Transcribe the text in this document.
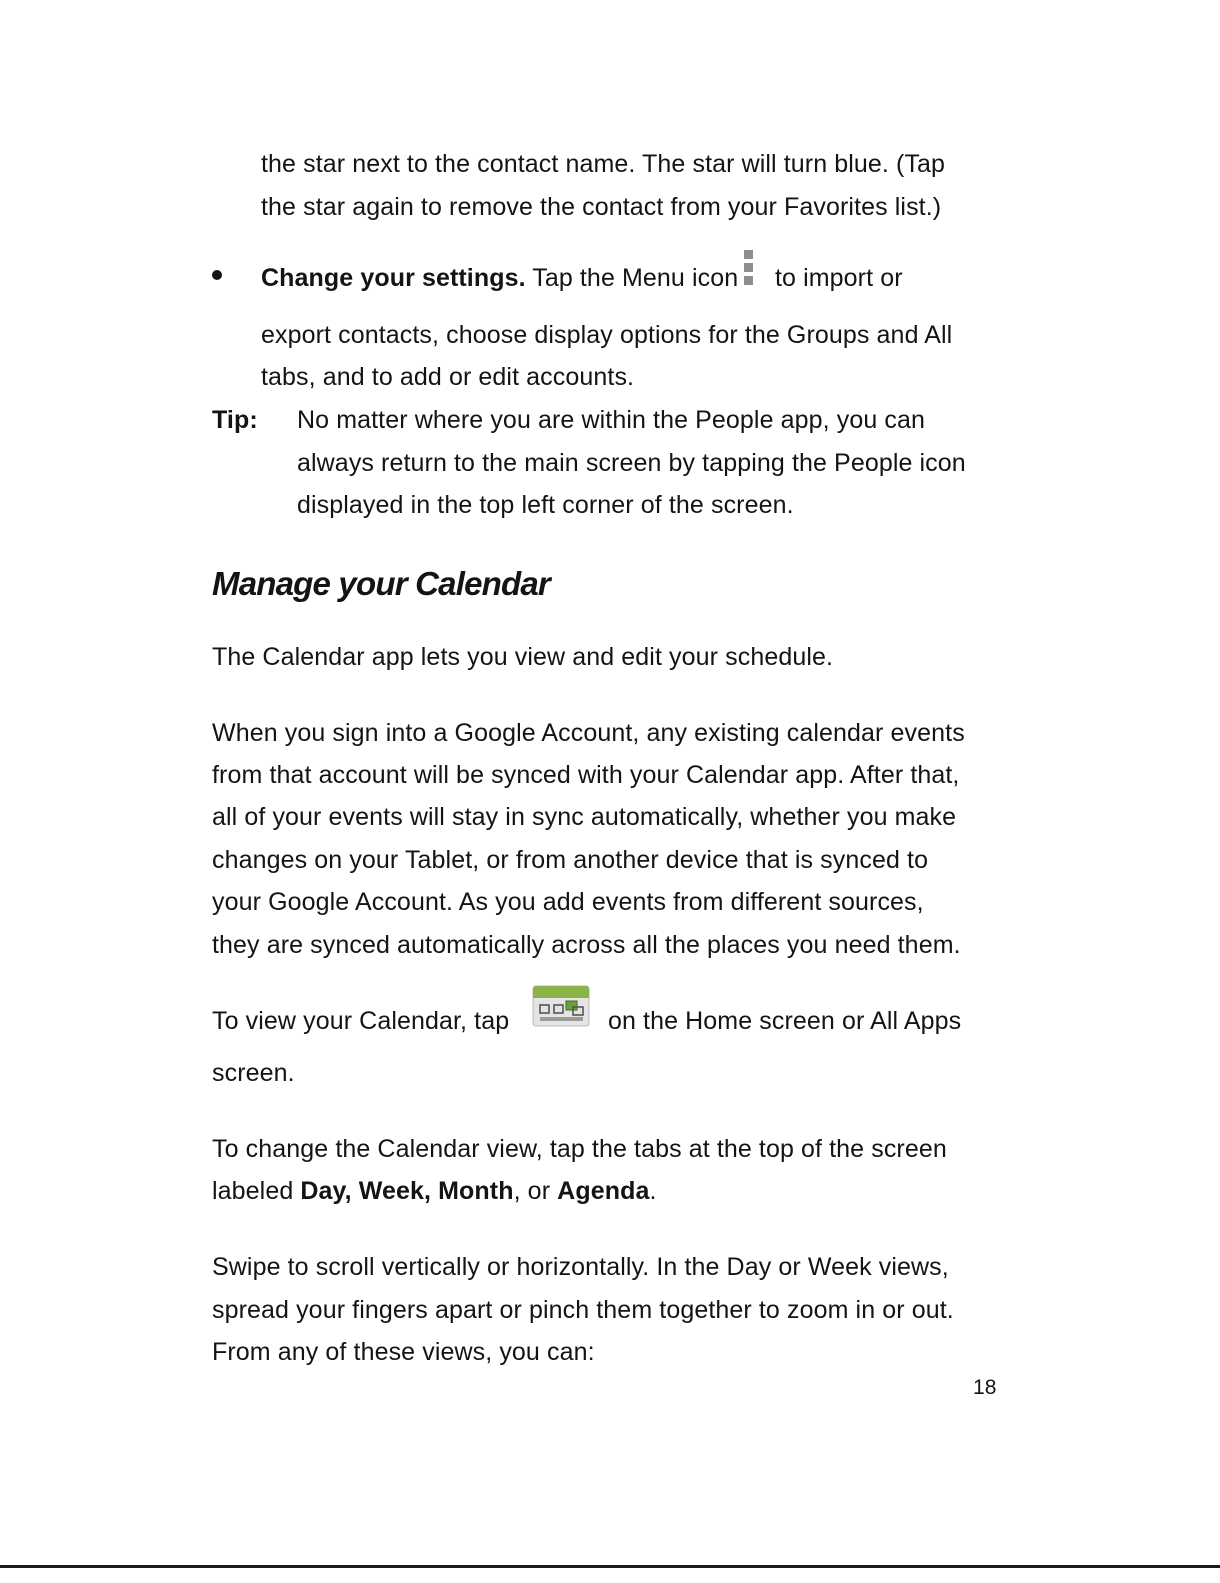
the star next to the contact name. The star will turn blue. (Tap
the star again to remove the contact from your Favorites list.)
Change your settings. Tap the Menu icon to import or
export contacts, choose display options for the Groups and All
tabs, and to add or edit accounts.
Tip: No matter where you are within the People app, you can
always return to the main screen by tapping the People icon
displayed in the top left corner of the screen.
Manage your Calendar
The Calendar app lets you view and edit your schedule.
When you sign into a Google Account, any existing calendar events
from that account will be synced with your Calendar app. After that,
all of your events will stay in sync automatically, whether you make
changes on your Tablet, or from another device that is synced to
your Google Account. As you add events from different sources,
they are synced automatically across all the places you need them.
To view your Calendar, tap	on the Home screen or All Apps
screen.
To change the Calendar view, tap the tabs at the top of the screen
labeled Day, Week, Month, or Agenda.
Swipe to scroll vertically or horizontally. In the Day or Week views,
spread your fingers apart or pinch them together to zoom in or out.
From any of these views, you can:
18
